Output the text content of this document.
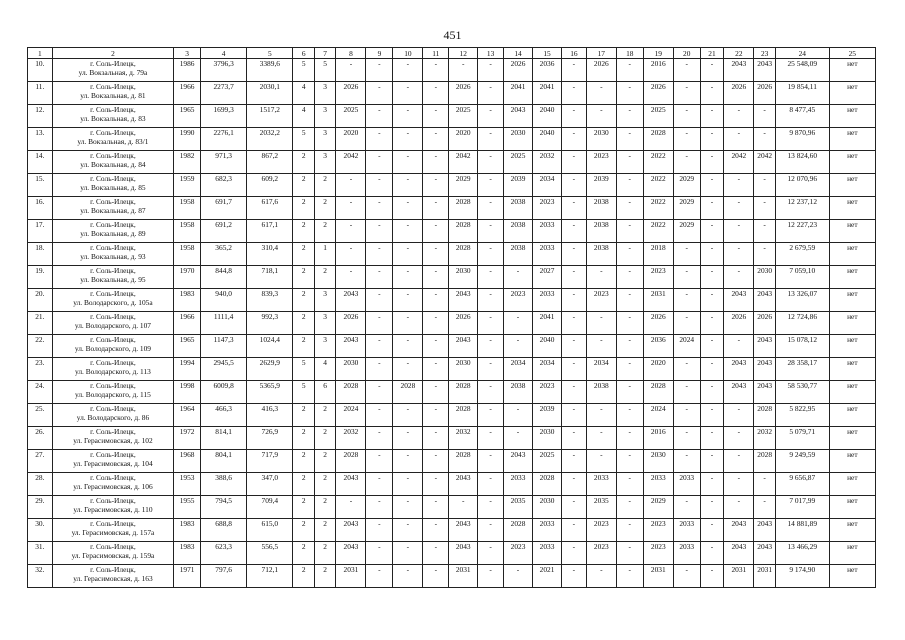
451
1	2	3	4	5	6	7	8	9	10	11	12	13	14	15	16	17	18	19	20	21	22	23	24	25
10.	г. Соль-Илецк,
ул. Вокзальная, д. 79а	1986	3796,3	3389,6	5	5	-	-	-	-	-	-	2026	2036	-	2026	-	2016	-	-	2043	2043	25 548,09	нет
11.	г. Соль-Илецк,
ул. Вокзальная, д. 81	1966	2273,7	2030,1	4	3	2026	-	-	-	2026	-	2041	2041	-	-	-	2026	-	-	2026	2026	19 854,11	нет
12.	г. Соль-Илецк,
ул. Вокзальная, д. 83	1965	1699,3	1517,2	4	3	2025	-	-	-	2025	-	2043	2040	-	-	-	2025	-	-	-	-	8 477,45	нет
13.	г. Соль-Илецк,
ул. Вокзальная, д. 83/1	1990	2276,1	2032,2	5	3	2020	-	-	-	2020	-	2030	2040	-	2030	-	2028	-	-	-	-	9 870,96	нет
14.	г. Соль-Илецк,
ул. Вокзальная, д. 84	1982	971,3	867,2	2	3	2042	-	-	-	2042	-	2025	2032	-	2023	-	2022	-	-	2042	2042	13 824,60	нет
15.	г. Соль-Илецк,
ул. Вокзальная, д. 85	1959	682,3	609,2	2	2	-	-	-	-	2029	-	2039	2034	-	2039	-	2022	2029	-	-	-	12 070,96	нет
16.	г. Соль-Илецк,
ул. Вокзальная, д. 87	1958	691,7	617,6	2	2	-	-	-	-	2028	-	2038	2023	-	2038	-	2022	2029	-	-	-	12 237,12	нет
17.	г. Соль-Илецк,
ул. Вокзальная, д. 89	1958	691,2	617,1	2	2	-	-	-	-	2028	-	2038	2033	-	2038	-	2022	2029	-	-	-	12 227,23	нет
18.	г. Соль-Илецк,
ул. Вокзальная, д. 93	1958	365,2	310,4	2	1	-	-	-	-	2028	-	2038	2033	-	2038	-	2018	-	-	-	-	2 679,59	нет
19.	г. Соль-Илецк,
ул. Вокзальная, д. 95	1970	844,8	718,1	2	2	-	-	-	-	2030	-	-	2027	-	-	-	2023	-	-	-	2030	7 059,10	нет
20.	г. Соль-Илецк,
ул. Володарского, д. 105а	1983	940,0	839,3	2	3	2043	-	-	-	2043	-	2023	2033	-	2023	-	2031	-	-	2043	2043	13 326,07	нет
21.	г. Соль-Илецк,
ул. Володарского, д. 107	1966	1111,4	992,3	2	3	2026	-	-	-	2026	-	-	2041	-	-	-	2026	-	-	2026	2026	12 724,86	нет
22.	г. Соль-Илецк,
ул. Володарского, д. 109	1965	1147,3	1024,4	2	3	2043	-	-	-	2043	-	-	2040	-	-	-	2036	2024	-	-	2043	15 078,12	нет
23.	г. Соль-Илецк,
ул. Володарского, д. 113	1994	2945,5	2629,9	5	4	2030	-	-	-	2030	-	2034	2034	-	2034	-	2020	-	-	2043	2043	28 358,17	нет
24.	г. Соль-Илецк,
ул. Володарского, д. 115	1998	6009,8	5365,9	5	6	2028	-	2028	-	2028	-	2038	2023	-	2038	-	2028	-	-	2043	2043	58 530,77	нет
25.	г. Соль-Илецк,
ул. Володарского, д. 86	1964	466,3	416,3	2	2	2024	-	-	-	2028	-	-	2039	-	-	-	2024	-	-	-	2028	5 822,95	нет
26.	г. Соль-Илецк,
ул. Герасимовская, д. 102	1972	814,1	726,9	2	2	2032	-	-	-	2032	-	-	2030	-	-	-	2016	-	-	-	2032	5 079,71	нет
27.	г. Соль-Илецк,
ул. Герасимовская, д. 104	1968	804,1	717,9	2	2	2028	-	-	-	2028	-	2043	2025	-	-	-	2030	-	-	-	2028	9 249,59	нет
28.	г. Соль-Илецк,
ул. Герасимовская, д. 106	1953	388,6	347,0	2	2	2043	-	-	-	2043	-	2033	2028	-	2033	-	2033	2033	-	-	-	9 656,87	нет
29.	г. Соль-Илецк,
ул. Герасимовская, д. 110	1955	794,5	709,4	2	2	-	-	-	-	-	-	2035	2030	-	2035	-	2029	-	-	-	-	7 017,99	нет
30.	г. Соль-Илецк,
ул. Герасимовская, д. 157а	1983	688,8	615,0	2	2	2043	-	-	-	2043	-	2028	2033	-	2023	-	2023	2033	-	2043	2043	14 881,89	нет
31.	г. Соль-Илецк,
ул. Герасимовская, д. 159а	1983	623,3	556,5	2	2	2043	-	-	-	2043	-	2023	2033	-	2023	-	2023	2033	-	2043	2043	13 466,29	нет
32.	г. Соль-Илецк,
ул. Герасимовская, д. 163	1971	797,6	712,1	2	2	2031	-	-	-	2031	-	-	2021	-	-	-	2031	-	-	2031	2031	9 174,90	нет
